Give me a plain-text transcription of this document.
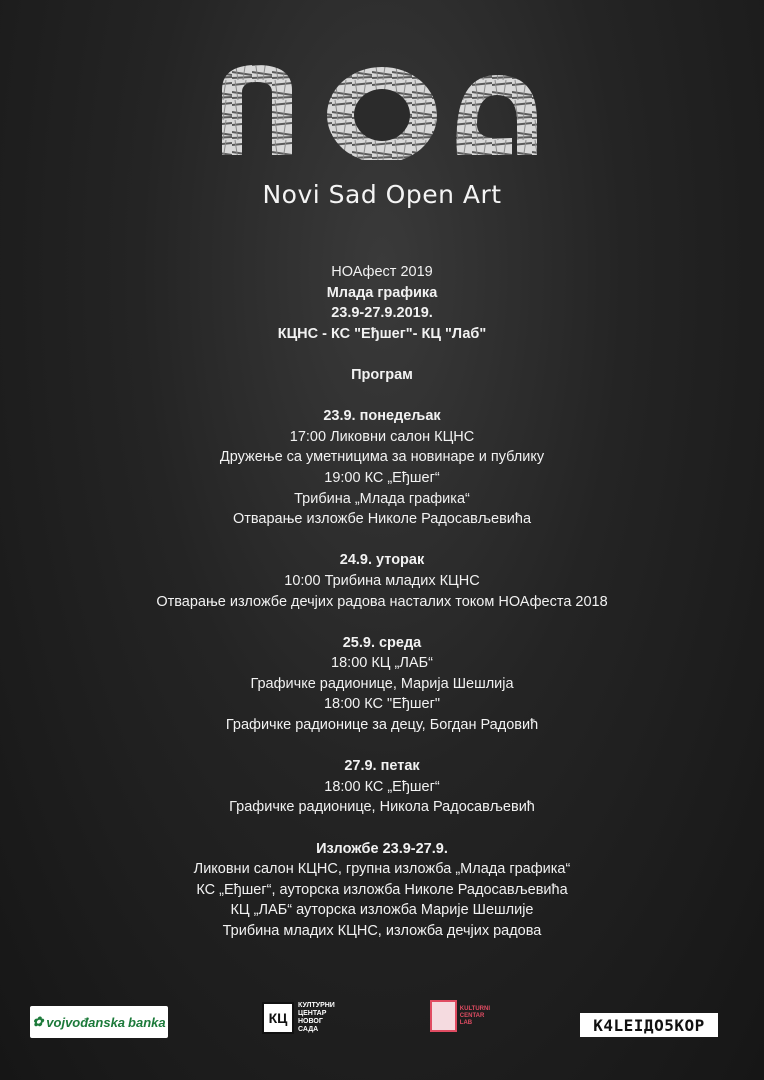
Novi Sad Open Art
НОАфест 2019
Млада графика
23.9-27.9.2019.
КЦНС - КС "Еђшег"- КЦ "Лаб"
Програм
23.9. понедељак
17:00 Ликовни салон КЦНС
Дружење са уметницима за новинаре и публику
19:00 КС „Еђшег“
Трибина „Млада графика“
Отварање изложбе Николе Радосављевића
24.9. уторак
10:00 Трибина младих КЦНС
Отварање изложбе дечјих радова насталих током НОАфеста 2018
25.9. среда
18:00 КЦ „ЛАБ“
Графичке радионице, Марија Шешлија
18:00 КС "Еђшег"
Графичке радионице за децу, Богдан Радовић
27.9. петак
18:00 КС „Еђшег“
Графичке радионице, Никола Радосављевић
Изложбе 23.9-27.9.
Ликовни салон КЦНС, групна изложба „Млада графика“
КС „Еђшег“, ауторска изложба Николе Радосављевића
КЦ „ЛАБ“ ауторска изложба Марије Шешлије
Трибина младих КЦНС, изложба дечјих радова
✿ vojvođanska banka	КЦ
КУЛТУРНИ
ЦЕНТАР
НОВОГ
САДА
KULTURNI
CENTAR
LAB	K4LEIДO5KOP
